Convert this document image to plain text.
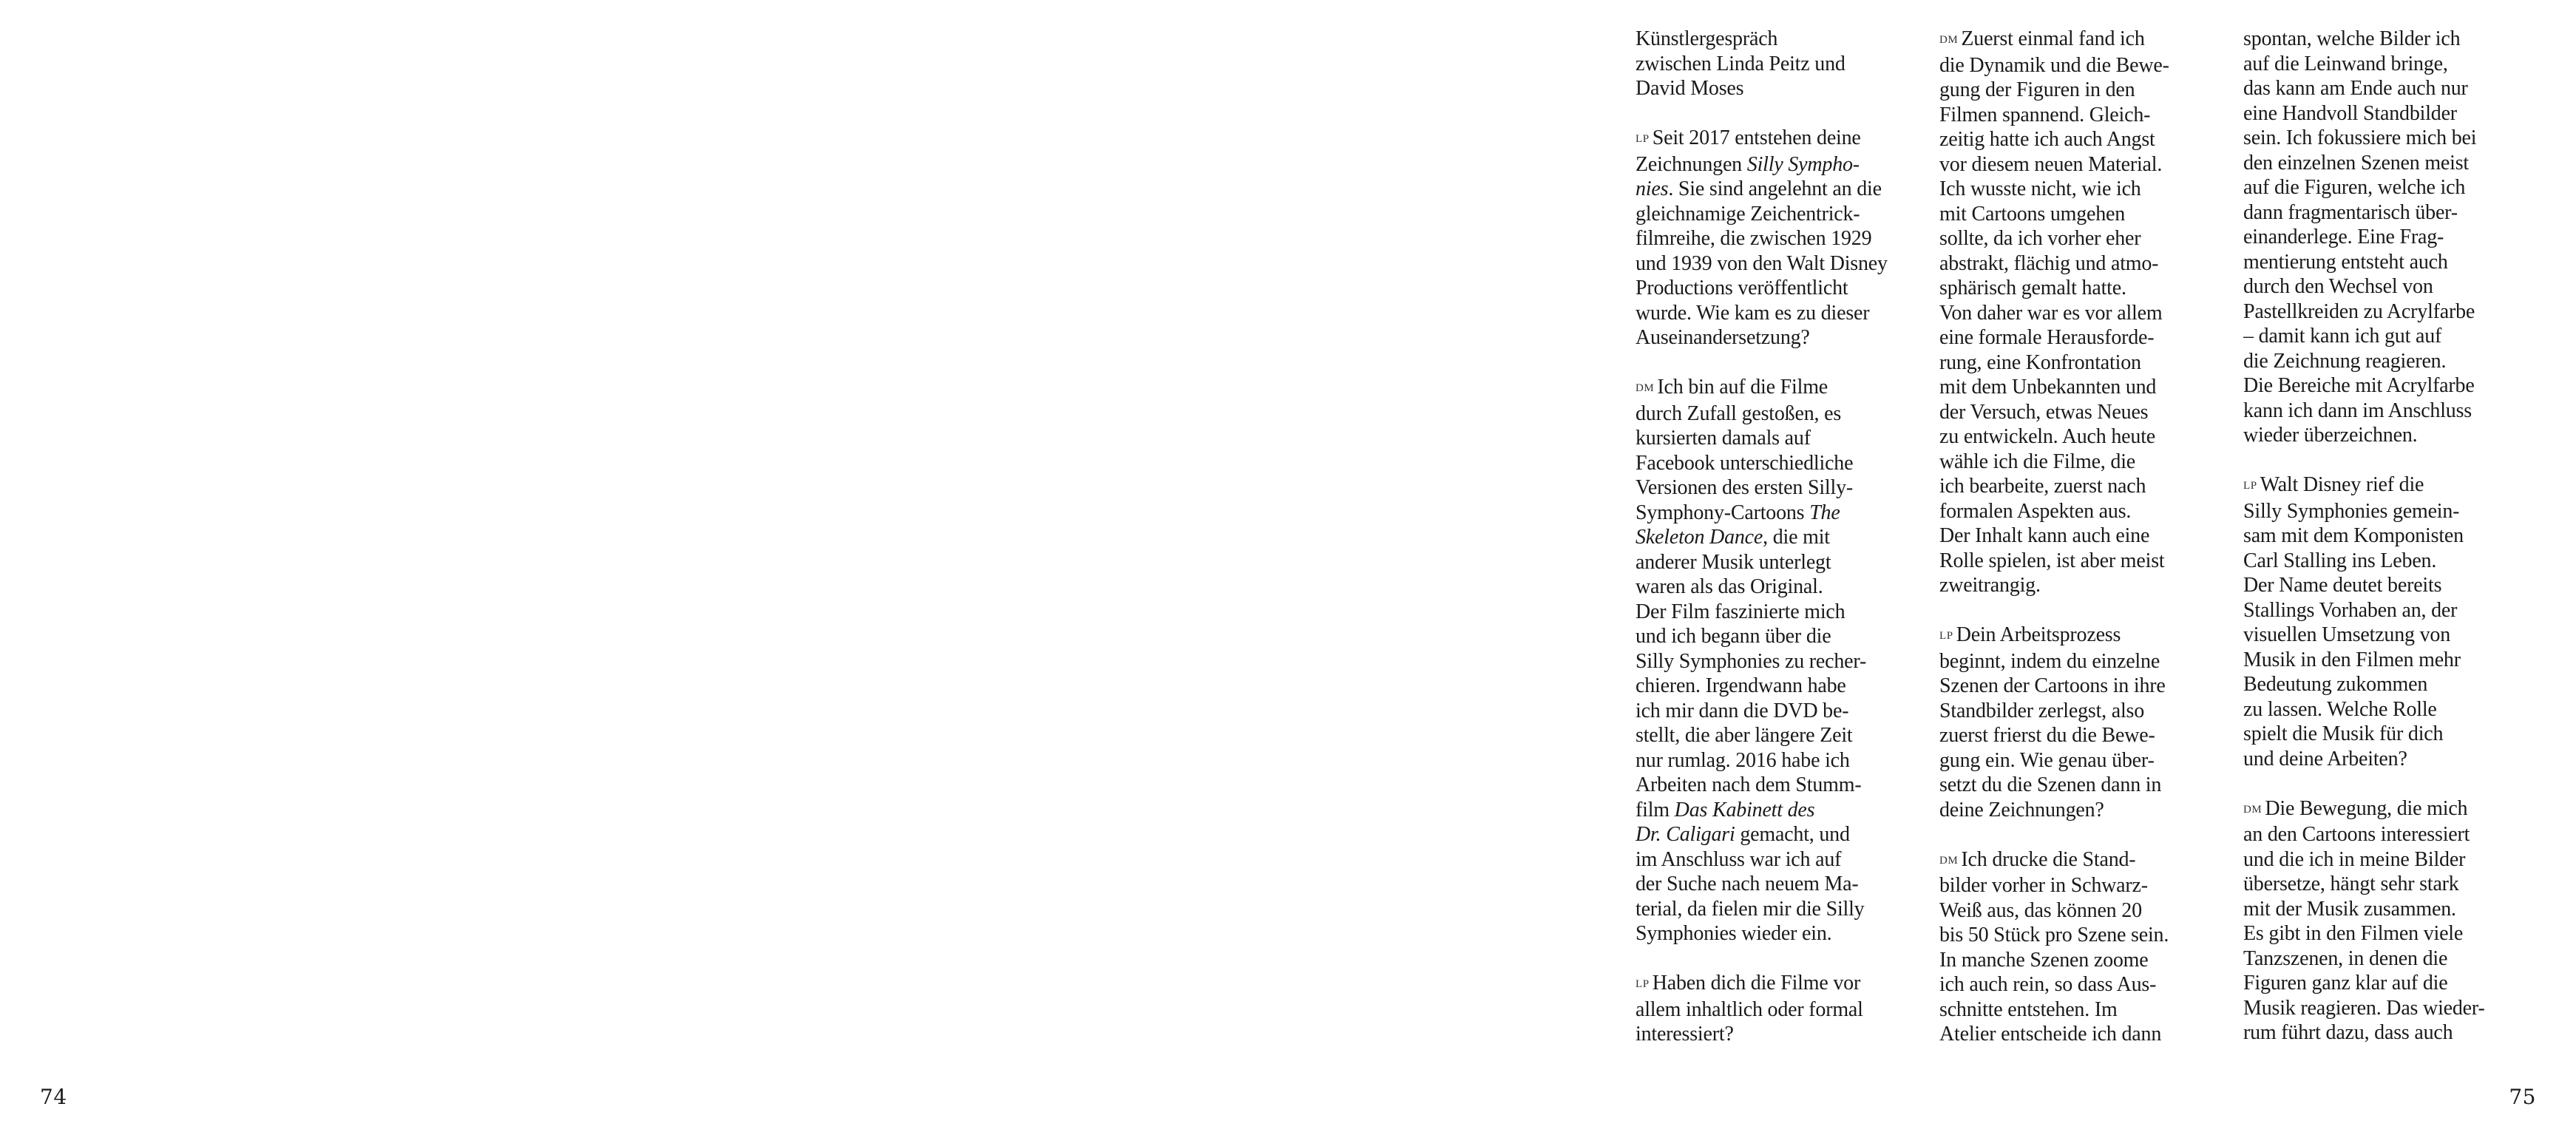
74
Künstlergespräch
zwischen Linda Peitz und
David Moses
LP Seit 2017 entstehen deine
Zeichnungen Silly Sympho-
nies. Sie sind angelehnt an die
gleichnamige Zeichentrick-
filmreihe, die zwischen 1929
und 1939 von den Walt Disney
Productions veröffentlicht
wurde. Wie kam es zu dieser
Auseinandersetzung?
DM Ich bin auf die Filme
durch Zufall gestoßen, es
kursierten damals auf
Facebook unterschiedliche
Versionen des ersten Silly-
Symphony-Cartoons The
Skeleton Dance, die mit
anderer Musik unterlegt
waren als das Original.
Der Film faszinierte mich
und ich begann über die
Silly Symphonies zu recher-
chieren. Irgendwann habe
ich mir dann die DVD be-
stellt, die aber längere Zeit
nur rumlag. 2016 habe ich
Arbeiten nach dem Stumm-
film Das Kabinett des
Dr. Caligari gemacht, und
im Anschluss war ich auf
der Suche nach neuem Ma-
terial, da fielen mir die Silly
Symphonies wieder ein.
LP Haben dich die Filme vor
allem inhaltlich oder formal
interessiert?
DM Zuerst einmal fand ich
die Dynamik und die Bewe-
gung der Figuren in den
Filmen spannend. Gleich-
zeitig hatte ich auch Angst
vor diesem neuen Material.
Ich wusste nicht, wie ich
mit Cartoons umgehen
sollte, da ich vorher eher
abstrakt, flächig und atmo-
sphärisch gemalt hatte.
Von daher war es vor allem
eine formale Herausforde-
rung, eine Konfrontation
mit dem Unbekannten und
der Versuch, etwas Neues
zu entwickeln. Auch heute
wähle ich die Filme, die
ich bearbeite, zuerst nach
formalen Aspekten aus.
Der Inhalt kann auch eine
Rolle spielen, ist aber meist
zweitrangig.
LP Dein Arbeitsprozess
beginnt, indem du einzelne
Szenen der Cartoons in ihre
Standbilder zerlegst, also
zuerst frierst du die Bewe-
gung ein. Wie genau über-
setzt du die Szenen dann in
deine Zeichnungen?
DM Ich drucke die Stand-
bilder vorher in Schwarz-
Weiß aus, das können 20
bis 50 Stück pro Szene sein.
In manche Szenen zoome
ich auch rein, so dass Aus-
schnitte entstehen. Im
Atelier entscheide ich dann
spontan, welche Bilder ich
auf die Leinwand bringe,
das kann am Ende auch nur
eine Handvoll Standbilder
sein. Ich fokussiere mich bei
den einzelnen Szenen meist
auf die Figuren, welche ich
dann fragmentarisch über-
einanderlege. Eine Frag-
mentierung entsteht auch
durch den Wechsel von
Pastellkreiden zu Acrylfarbe
– damit kann ich gut auf
die Zeichnung reagieren.
Die Bereiche mit Acrylfarbe
kann ich dann im Anschluss
wieder überzeichnen.
LP Walt Disney rief die
Silly Symphonies gemein-
sam mit dem Komponisten
Carl Stalling ins Leben.
Der Name deutet bereits
Stallings Vorhaben an, der
visuellen Umsetzung von
Musik in den Filmen mehr
Bedeutung zukommen
zu lassen. Welche Rolle
spielt die Musik für dich
und deine Arbeiten?
DM Die Bewegung, die mich
an den Cartoons interessiert
und die ich in meine Bilder
übersetze, hängt sehr stark
mit der Musik zusammen.
Es gibt in den Filmen viele
Tanzszenen, in denen die
Figuren ganz klar auf die
Musik reagieren. Das wieder-
rum führt dazu, dass auch
75
